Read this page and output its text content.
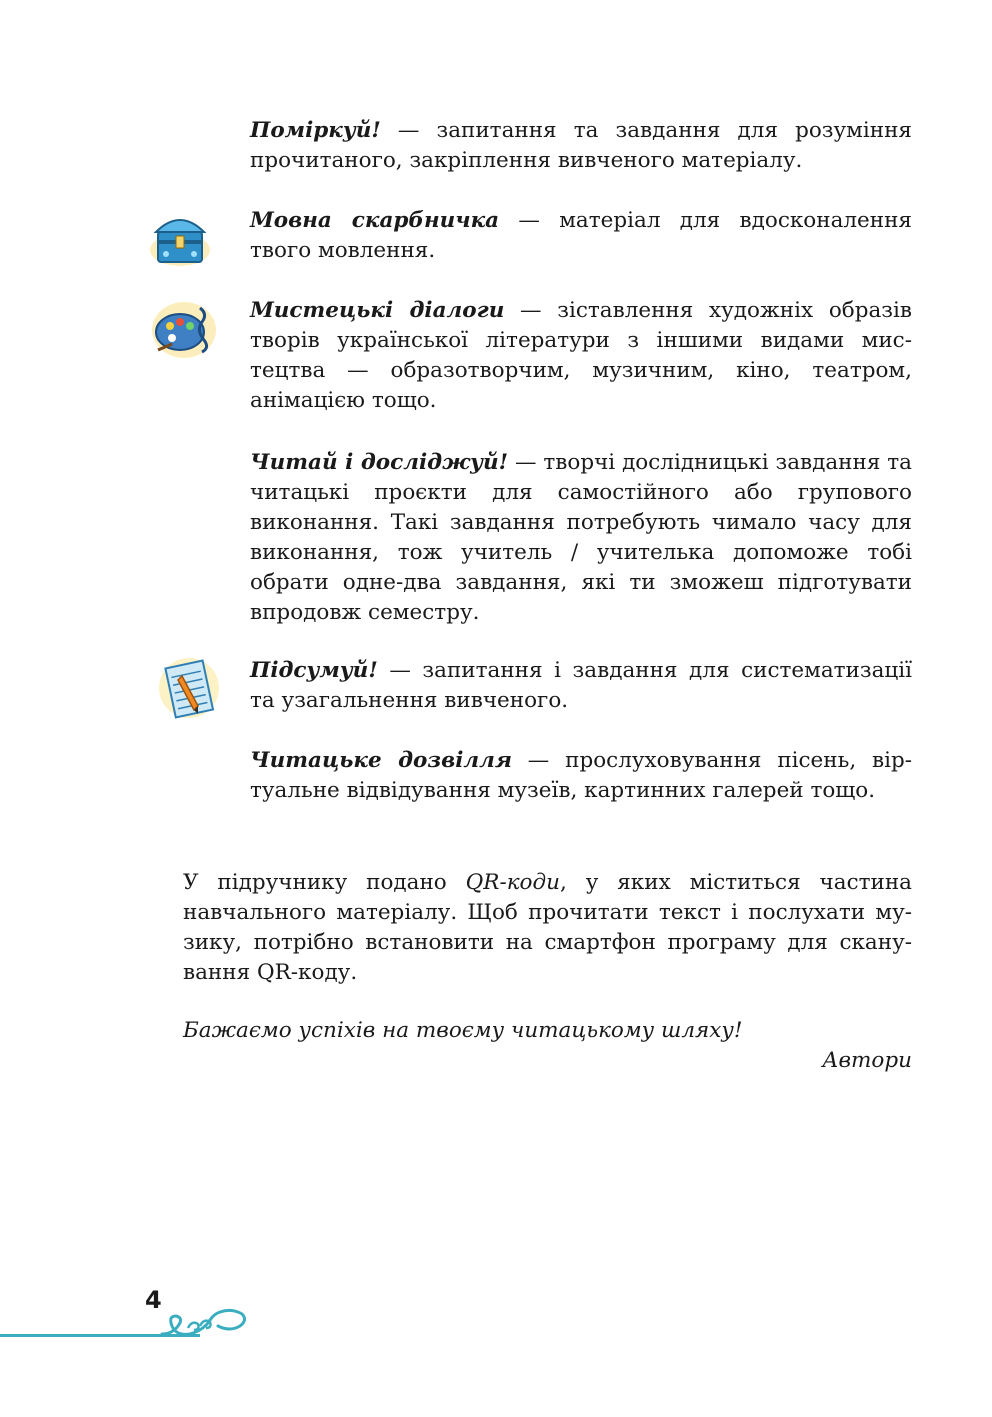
Поміркуй! — запитання та завдання для розуміння прочитаного, закріплення вивченого матеріалу.
Мовна скарбничка — матеріал для вдосконалення твого мовлення.
Мистецькі діалоги — зіставлення художніх образів творів української літератури з іншими видами мистецтва — образотворчим, музичним, кіно, театром, анімацією тощо.
Читай і досліджуй! — творчі дослідницькі завдання та читацькі проєкти для самостійного або групового виконання. Такі завдання потребують чимало часу для виконання, тож учитель / учителька допоможе тобі обрати одне-два завдання, які ти зможеш підготувати впродовж семестру.
Підсумуй! — запитання і завдання для систематизації та узагальнення вивченого.
Читацьке дозвілля — прослуховування пісень, віртуальне відвідування музеїв, картинних галерей тощо.
У підручнику подано QR-коди, у яких міститься частина навчального матеріалу. Щоб прочитати текст і послухати музику, потрібно встановити на смартфон програму для сканування QR-коду.
Бажаємо успіхів на твоєму читацькому шляху!
Автори
4
